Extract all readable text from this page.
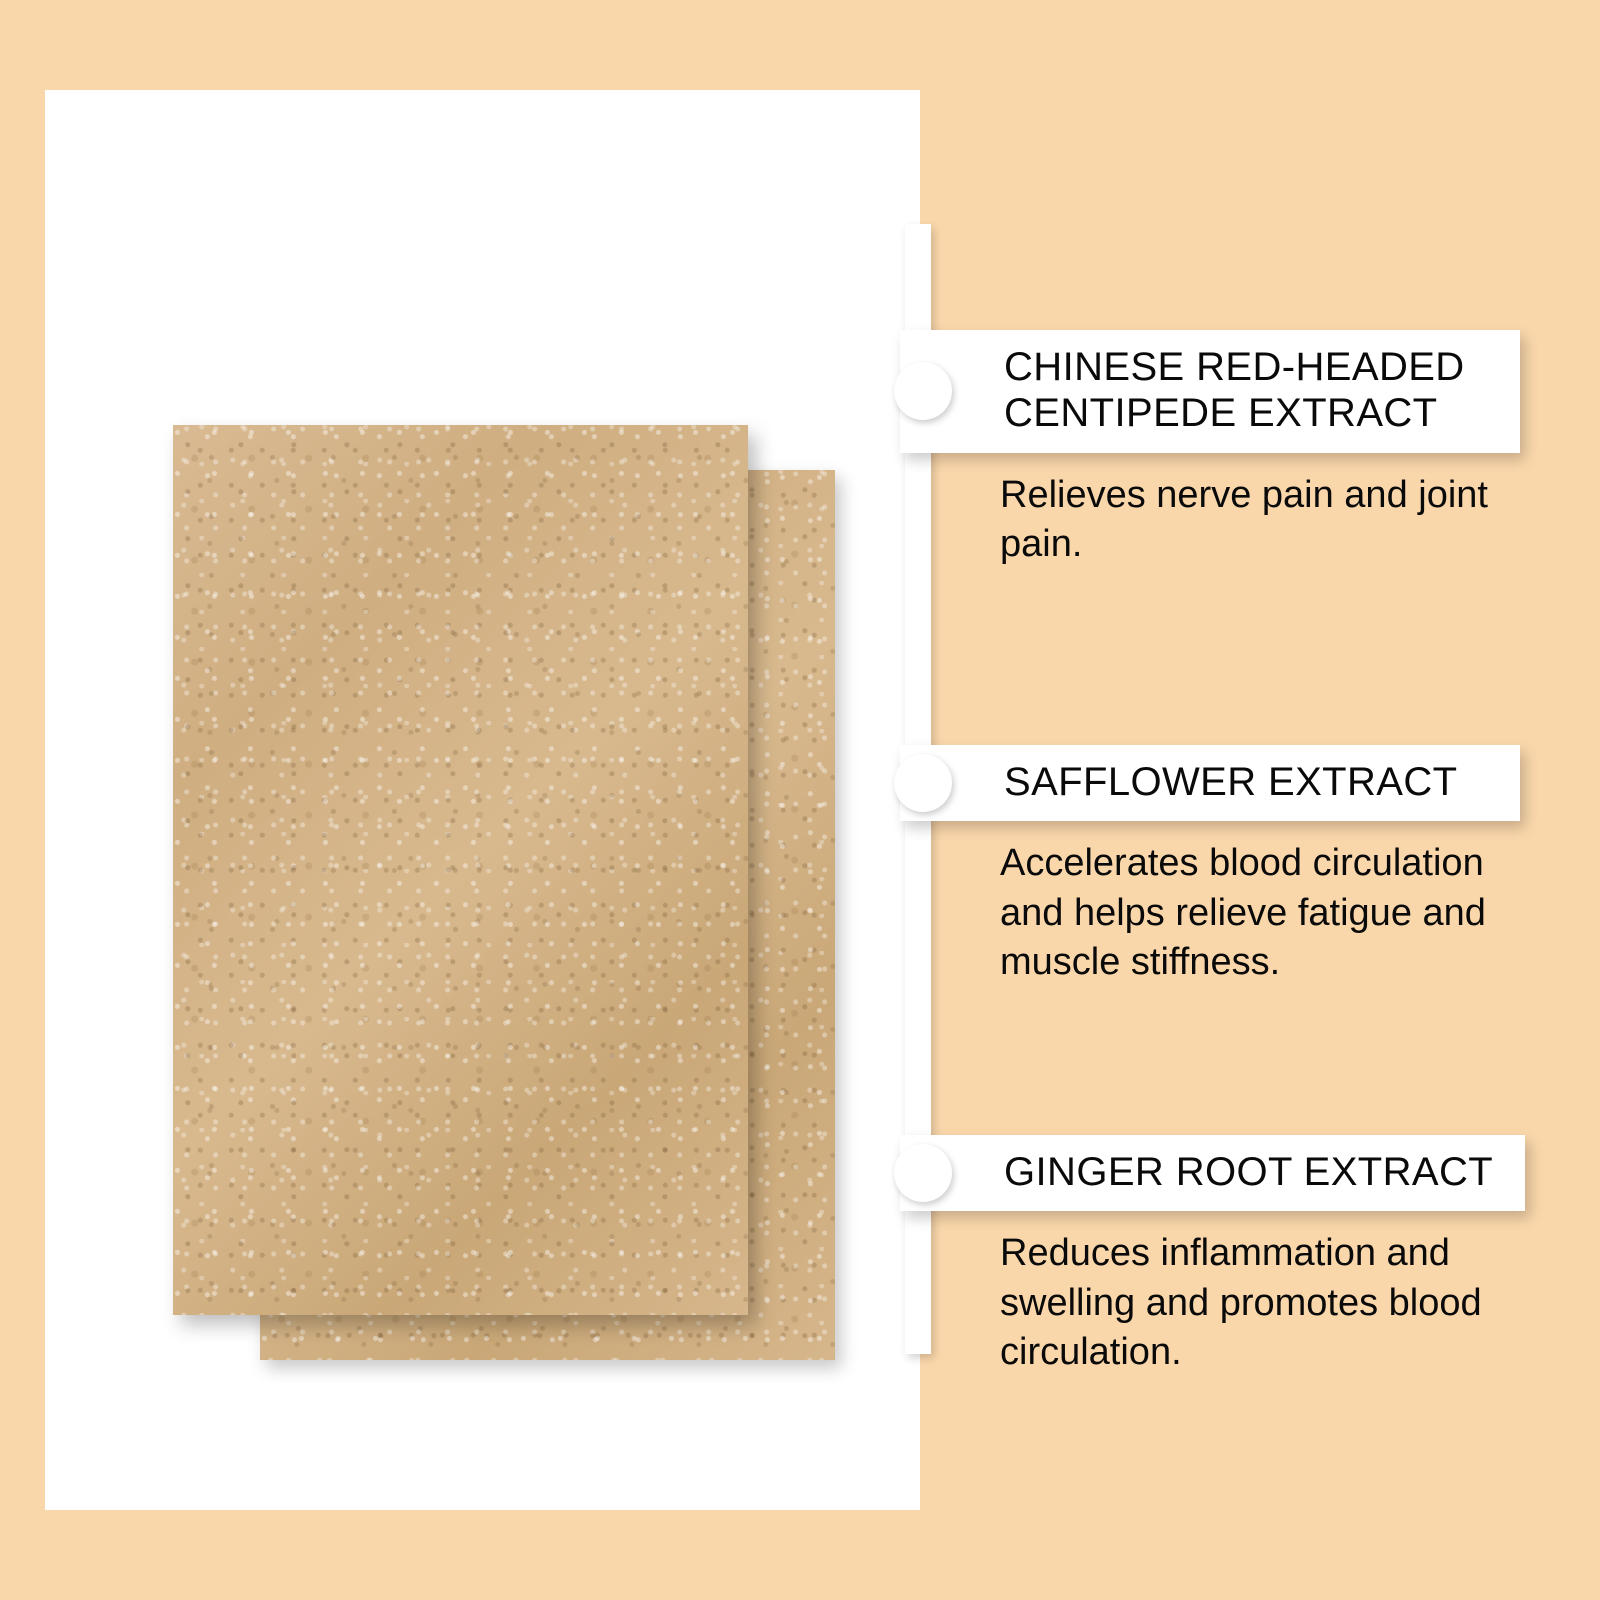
CHINESE RED-HEADED CENTIPEDE EXTRACT
Relieves nerve pain and joint pain.
SAFFLOWER EXTRACT
Accelerates blood circulation and helps relieve fatigue and muscle stiffness.
GINGER ROOT EXTRACT
Reduces inflammation and swelling and promotes blood circulation.
